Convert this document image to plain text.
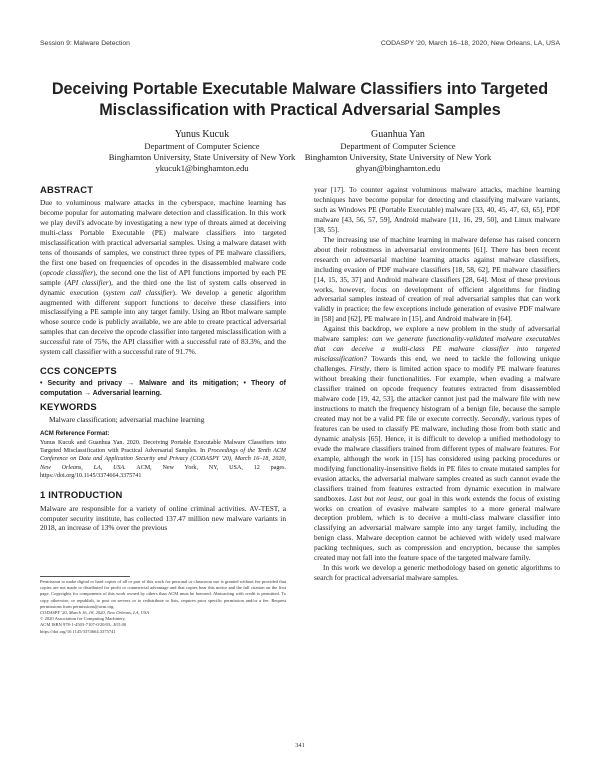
Session 9: Malware Detection	CODASPY '20, March 16–18, 2020, New Orleans, LA, USA
Deceiving Portable Executable Malware Classifiers into Targeted Misclassification with Practical Adversarial Samples
Yunus Kucuk
Department of Computer Science
Binghamton University, State University of New York
ykucuk1@binghamton.edu
Guanhua Yan
Department of Computer Science
Binghamton University, State University of New York
ghyan@binghamton.edu
ABSTRACT

Due to voluminous malware attacks in the cyberspace, machine learning has become popular for automating malware detection and classification. In this work we play devil's advocate by investigating a new type of threats aimed at deceiving multi-class Portable Executable (PE) malware classifiers into targeted misclassification with practical adversarial samples. Using a malware dataset with tens of thousands of samples, we construct three types of PE malware classifiers, the first one based on frequencies of opcodes in the disassembled malware code (opcode classifier), the second one the list of API functions imported by each PE sample (API classifier), and the third one the list of system calls observed in dynamic execution (system call classifier). We develop a genetic algorithm augmented with different support functions to deceive these classifiers into misclassifying a PE sample into any target family. Using an Rbot malware sample whose source code is publicly available, we are able to create practical adversarial samples that can deceive the opcode classifier into targeted misclassification with a successful rate of 75%, the API classifier with a successful rate of 83.3%, and the system call classifier with a successful rate of 91.7%.

CCS CONCEPTS

• Security and privacy → Malware and its mitigation; • Theory of computation → Adversarial learning.

KEYWORDS

Malware classification; adversarial machine learning

ACM Reference Format:

Yunus Kucuk and Guanhua Yan. 2020. Deceiving Portable Executable Malware Classifiers into Targeted Misclassification with Practical Adversarial Samples. In Proceedings of the Tenth ACM Conference on Data and Application Security and Privacy (CODASPY '20), March 16–18, 2020, New Orleans, LA, USA. ACM, New York, NY, USA, 12 pages. https://doi.org/10.1145/3374664.3375741

1 INTRODUCTION

Malware are responsible for a variety of online criminal activities. AV-TEST, a computer security institute, has collected 137.47 million new malware variants in 2018, an increase of 13% over the previous

Permission to make digital or hard copies of all or part of this work for personal or classroom use is granted without fee provided that copies are not made or distributed for profit or commercial advantage and that copies bear this notice and the full citation on the first page. Copyrights for components of this work owned by others than ACM must be honored. Abstracting with credit is permitted. To copy otherwise, or republish, to post on servers or to redistribute to lists, requires prior specific permission and/or a fee. Request permissions from permissions@acm.org.

CODASPY '20, March 16–18, 2020, New Orleans, LA, USA

© 2020 Association for Computing Machinery.

ACM ISBN 978-1-4503-7107-0/20/03...$15.00

https://doi.org/10.1145/3374664.3375741

year [17]. To counter against voluminous malware attacks, machine learning techniques have become popular for detecting and classifying malware variants, such as Windows PE (Portable Executable) malware [33, 40, 45, 47, 63, 65], PDF malware [43, 56, 57, 59], Android malware [11, 16, 29, 50], and Linux malware [38, 55].

The increasing use of machine learning in malware defense has raised concern about their robustness in adversarial environments [61]. There has been recent research on adversarial machine learning attacks against malware classifiers, including evasion of PDF malware classifiers [18, 58, 62], PE malware classifiers [14, 15, 35, 37] and Android malware classifiers [28, 64]. Most of these previous works, however, focus on development of efficient algorithms for finding adversarial samples instead of creation of real adversarial samples that can work validly in practice; the few exceptions include generation of evasive PDF malware in [58] and [62], PE malware in [15], and Android malware in [64].

Against this backdrop, we explore a new problem in the study of adversarial malware samples: can we generate functionality-validated malware executables that can deceive a multi-class PE malware classifier into targeted misclassification? Towards this end, we need to tackle the following unique challenges. Firstly, there is limited action space to modify PE malware features without breaking their functionalities. For example, when evading a malware classifier trained on opcode frequency features extracted from disassembled malware code [19, 42, 53], the attacker cannot just pad the malware file with new instructions to match the frequency histogram of a benign file, because the sample created may not be a valid PE file or execute correctly. Secondly, various types of features can be used to classify PE malware, including those from both static and dynamic analysis [65]. Hence, it is difficult to develop a unified methodology to evade the malware classifiers trained from different types of malware features. For example, although the work in [15] has considered using packing procedures or modifying functionality-insensitive fields in PE files to create mutated samples for evasion attacks, the adversarial malware samples created as such cannot evade the classifiers trained from features extracted from dynamic execution in malware sandboxes. Last but not least, our goal in this work extends the focus of existing works on creation of evasive malware samples to a more general malware deception problem, which is to deceive a multi-class malware classifier into classifying an adversarial malware sample into any target family, including the benign class. Malware deception cannot be achieved with widely used malware packing techniques, such as compression and encryption, because the samples created may not fall into the feature space of the targeted malware family.

In this work we develop a generic methodology based on genetic algorithms to search for practical adversarial malware samples.

341
